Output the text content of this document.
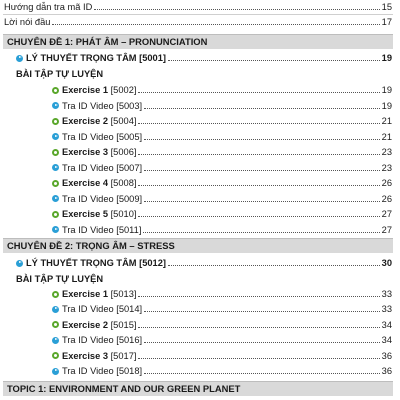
Hướng dẫn tra mã ID	15
Lời nói đầu	17
CHUYÊN ĐỀ 1: PHÁT ÂM – PRONUNCIATION
LÝ THUYẾT TRỌNG TÂM [5001]	19
BÀI TẬP TỰ LUYỆN
Exercise 1 [5002]	19
Tra ID Video [5003]	19
Exercise 2 [5004]	21
Tra ID Video [5005]	21
Exercise 3 [5006]	23
Tra ID Video [5007]	23
Exercise 4 [5008]	26
Tra ID Video [5009]	26
Exercise 5 [5010]	27
Tra ID Video [5011]	27
CHUYÊN ĐỀ 2: TRỌNG ÂM – STRESS
LÝ THUYẾT TRỌNG TÂM [5012]	30
BÀI TẬP TỰ LUYỆN
Exercise 1 [5013]	33
Tra ID Video [5014]	33
Exercise 2 [5015]	34
Tra ID Video [5016]	34
Exercise 3 [5017]	36
Tra ID Video [5018]	36
TOPIC 1: ENVIRONMENT AND OUR GREEN PLANET
